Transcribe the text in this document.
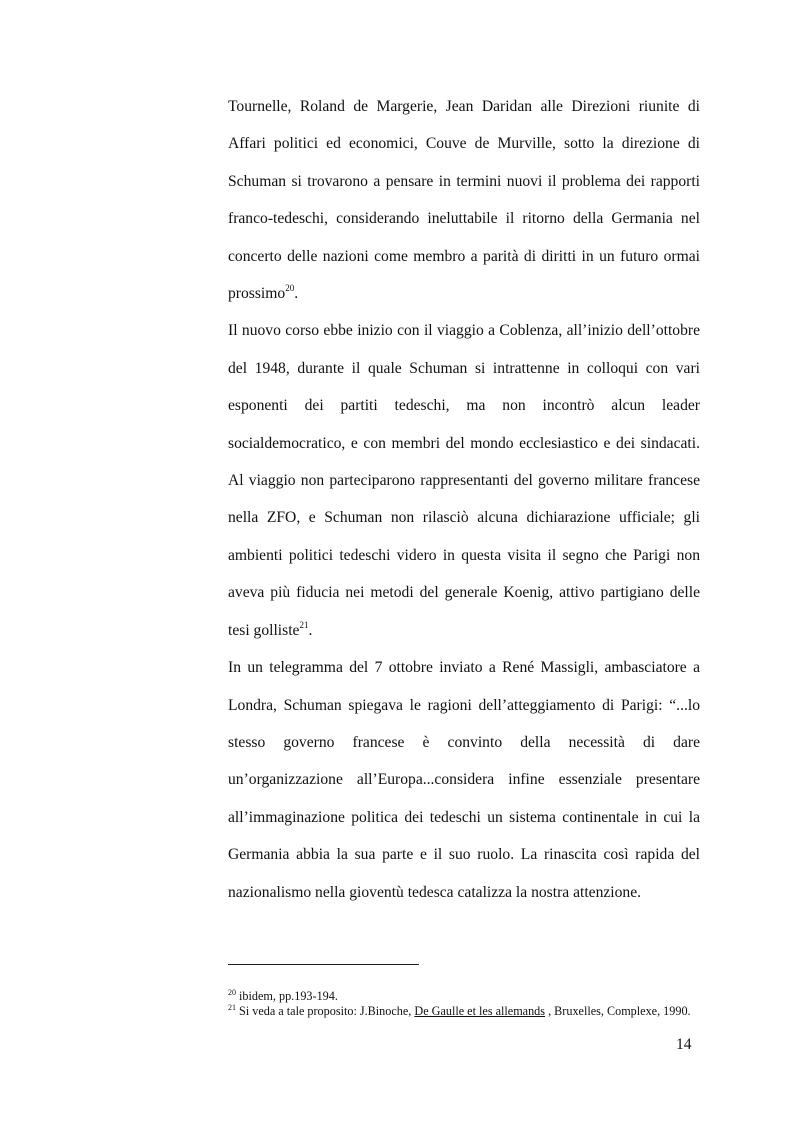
Tournelle, Roland de Margerie, Jean Daridan alle Direzioni riunite di Affari politici ed economici, Couve de Murville, sotto la direzione di Schuman si trovarono a pensare in termini nuovi il problema dei rapporti franco-tedeschi, considerando ineluttabile il ritorno della Germania nel concerto delle nazioni come membro a parità di diritti in un futuro ormai prossimo$^{20}$.

Il nuovo corso ebbe inizio con il viaggio a Coblenza, all’inizio dell’ottobre del 1948, durante il quale Schuman si intrattenne in colloqui con vari esponenti dei partiti tedeschi, ma non incontrò alcun leader socialdemocratico, e con membri del mondo ecclesiastico e dei sindacati. Al viaggio non parteciparono rappresentanti del governo militare francese nella ZFO, e Schuman non rilasciò alcuna dichiarazione ufficiale; gli ambienti politici tedeschi videro in questa visita il segno che Parigi non aveva più fiducia nei metodi del generale Koenig, attivo partigiano delle tesi golliste$^{21}$.

In un telegramma del 7 ottobre inviato a René Massigli, ambasciatore a Londra, Schuman spiegava le ragioni dell’atteggiamento di Parigi: “...lo stesso governo francese è convinto della necessità di dare un’organizzazione all’Europa...considera infine essenziale presentare all’immaginazione politica dei tedeschi un sistema continentale in cui la Germania abbia la sua parte e il suo ruolo. La rinascita così rapida del nazionalismo nella gioventù tedesca catalizza la nostra attenzione.

$^{20}$ ibidem, pp.193-194.

$^{21}$ Si veda a tale proposito: J.Binoche, De Gaulle et les allemands , Bruxelles, Complexe, 1990.

14
